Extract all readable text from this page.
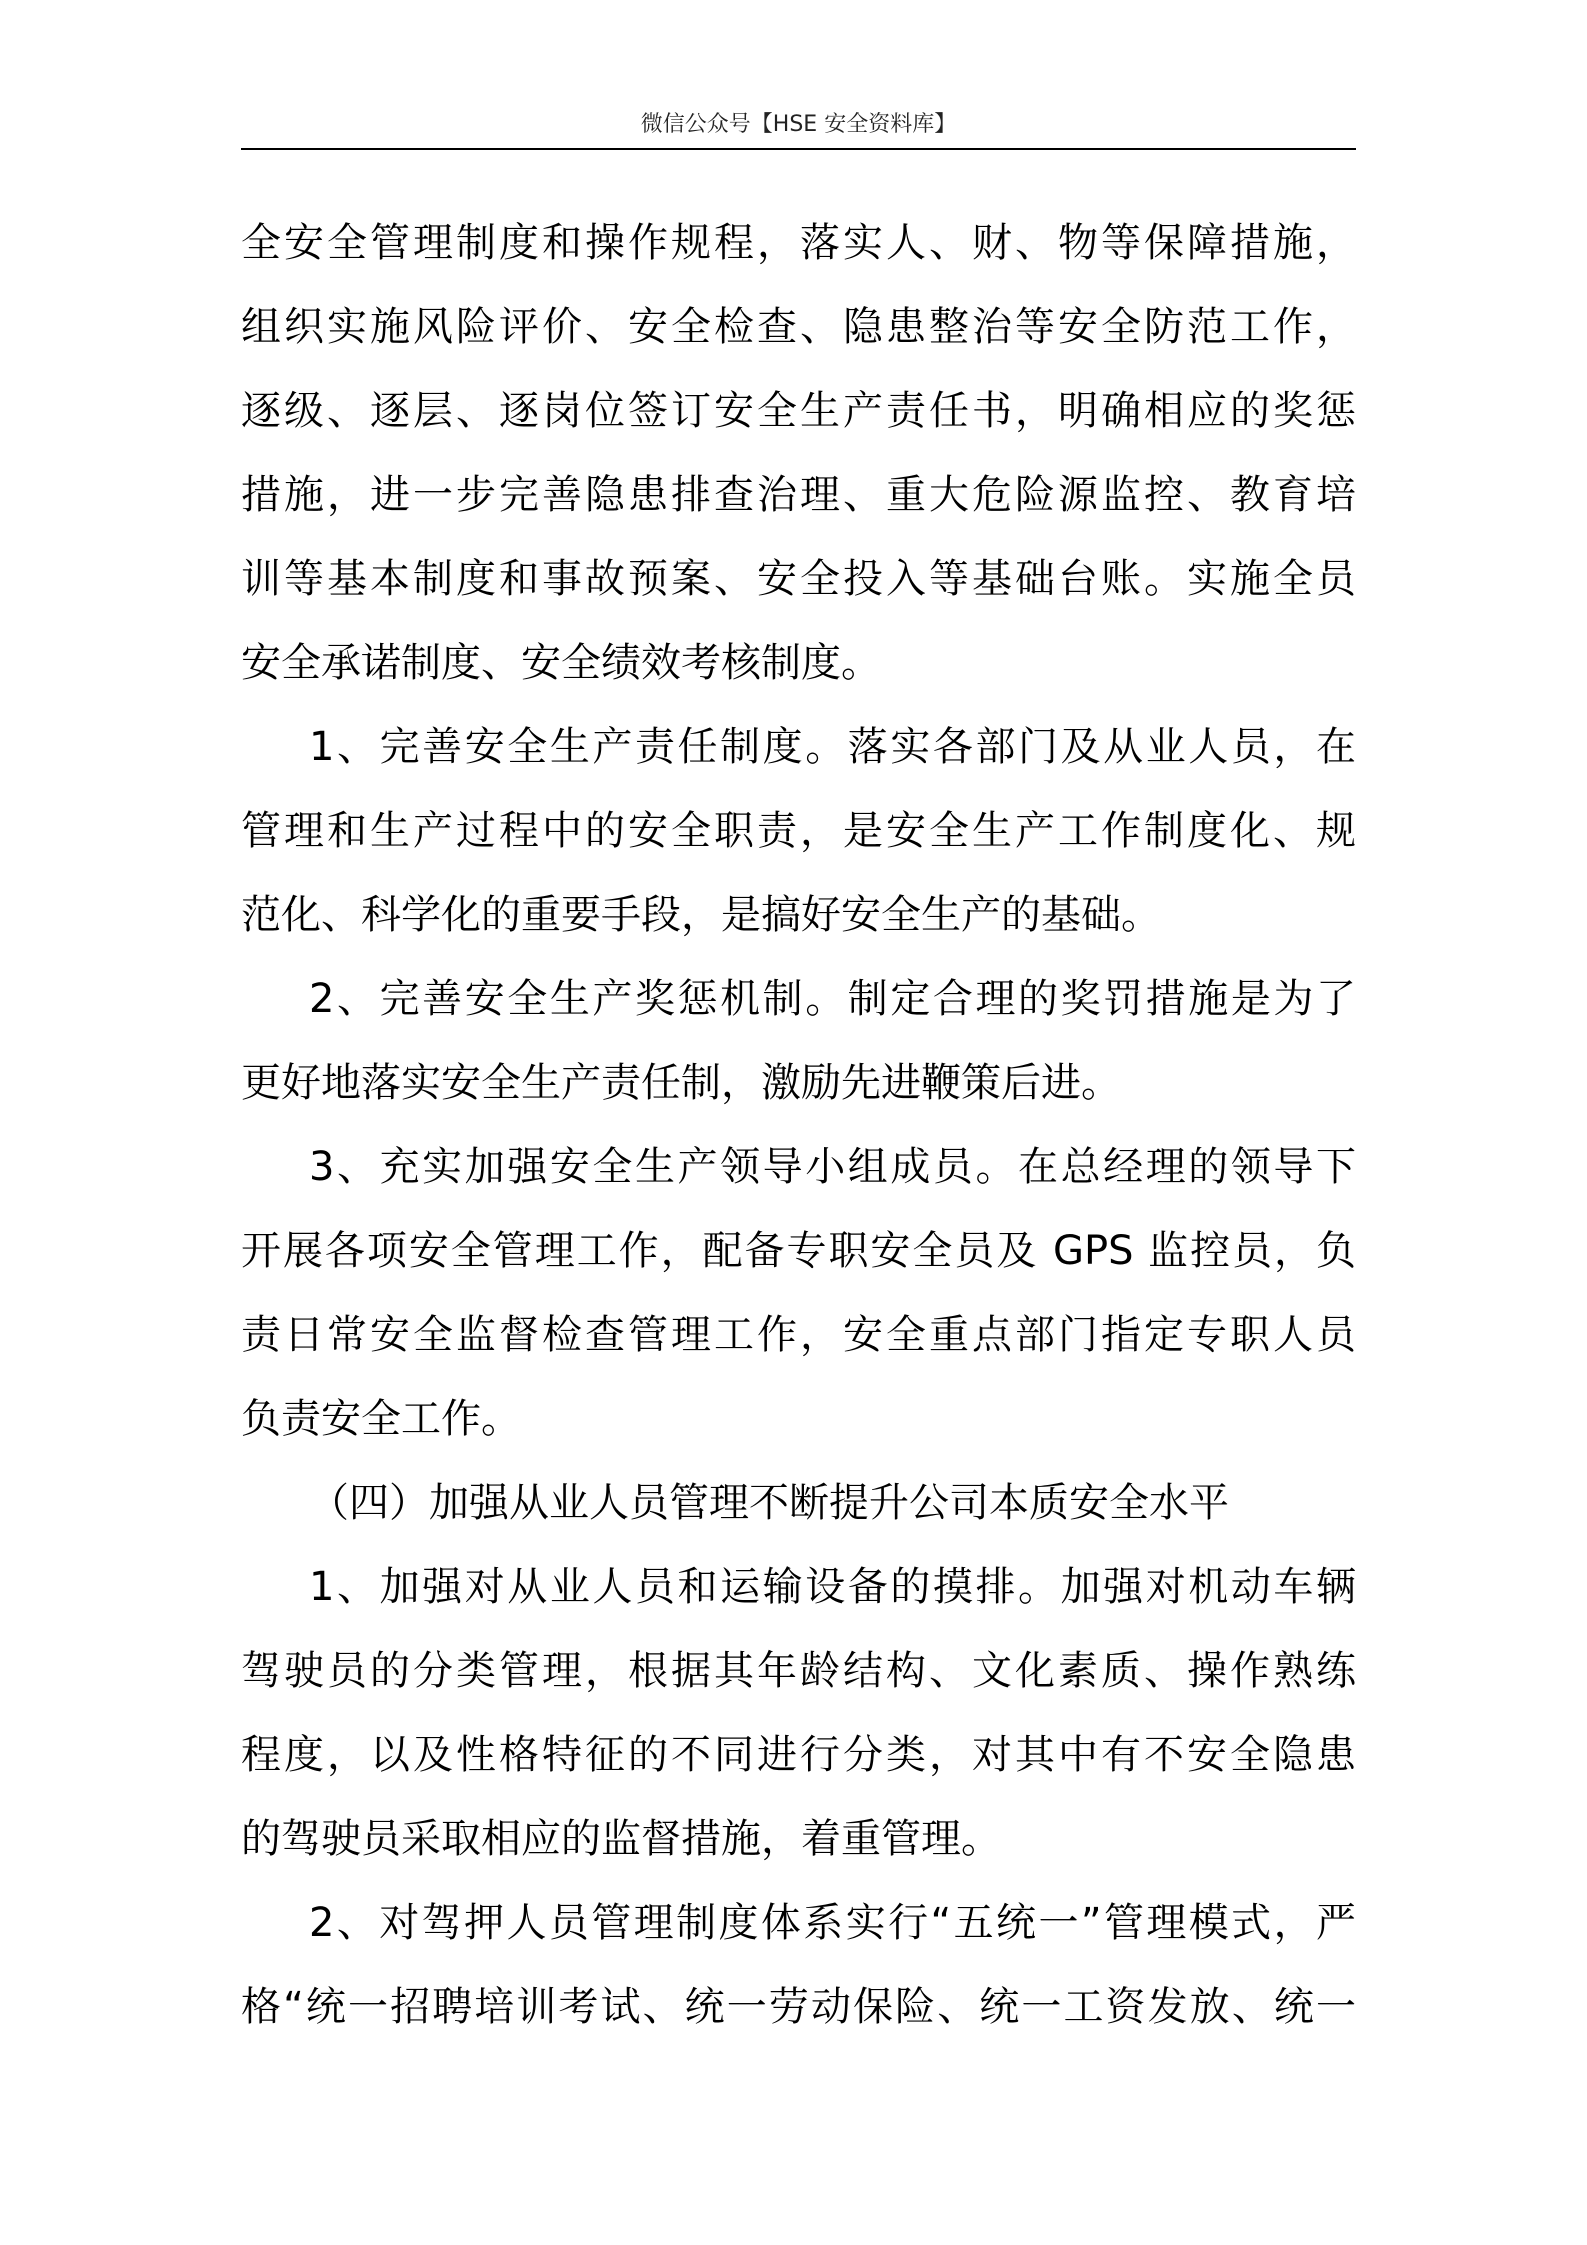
微信公众号【HSE 安全资料库】
全安全管理制度和操作规程，落实人、财、物等保障措施，
组织实施风险评价、安全检查、隐患整治等安全防范工作，
逐级、逐层、逐岗位签订安全生产责任书，明确相应的奖惩
措施，进一步完善隐患排查治理、重大危险源监控、教育培
训等基本制度和事故预案、安全投入等基础台账。实施全员
安全承诺制度、安全绩效考核制度。
1、完善安全生产责任制度。落实各部门及从业人员，在
管理和生产过程中的安全职责，是安全生产工作制度化、规
范化、科学化的重要手段，是搞好安全生产的基础。
2、完善安全生产奖惩机制。制定合理的奖罚措施是为了
更好地落实安全生产责任制，激励先进鞭策后进。
3、充实加强安全生产领导小组成员。在总经理的领导下
开展各项安全管理工作，配备专职安全员及 GPS 监控员，负
责日常安全监督检查管理工作，安全重点部门指定专职人员
负责安全工作。
（四）加强从业人员管理不断提升公司本质安全水平
1、加强对从业人员和运输设备的摸排。加强对机动车辆
驾驶员的分类管理，根据其年龄结构、文化素质、操作熟练
程度，以及性格特征的不同进行分类，对其中有不安全隐患
的驾驶员采取相应的监督措施，着重管理。
2、对驾押人员管理制度体系实行“五统一”管理模式，严
格“统一招聘培训考试、统一劳动保险、统一工资发放、统一
